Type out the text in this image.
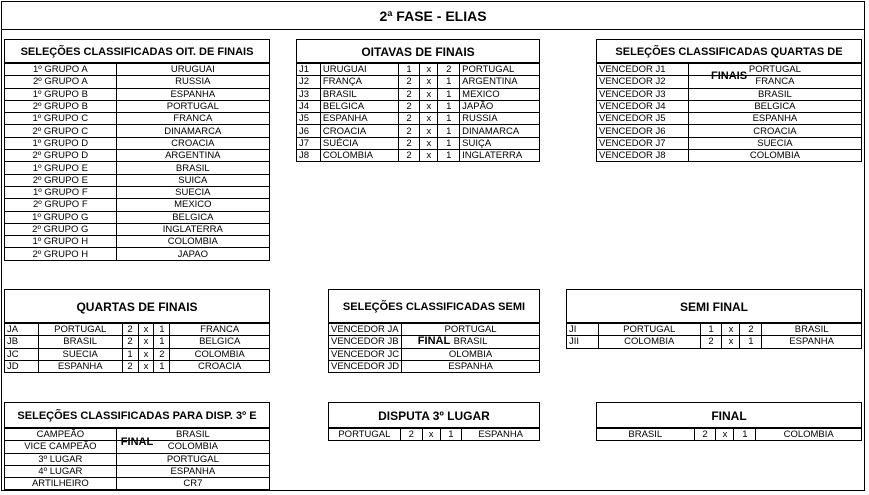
2ª FASE - ELIAS
SELEÇÕES CLASSIFICADAS OIT. DE FINAIS
1º GRUPO A	URUGUAI
2º GRUPO A	RUSSIA
1º GRUPO B	ESPANHA
2º GRUPO B	PORTUGAL
1º GRUPO C	FRANCA
2º GRUPO C	DINAMARCA
1º GRUPO D	CROACIA
2º GRUPO D	ARGENTINA
1º GRUPO E	BRASIL
2º GRUPO E	SUICA
1º GRUPO F	SUECIA
2º GRUPO F	MEXICO
1º GRUPO G	BELGICA
2º GRUPO G	INGLATERRA
1º GRUPO H	COLOMBIA
2º GRUPO H	JAPAO
OITAVAS DE FINAIS
J1	URUGUAI	1	x	2	PORTUGAL
J2	FRANÇA	2	x	1	ARGENTINA
J3	BRASIL	2	x	1	MEXICO
J4	BELGICA	2	x	1	JAPÃO
J5	ESPANHA	2	x	1	RUSSIA
J6	CROACIA	2	x	1	DINAMARCA
J7	SUÉCIA	2	x	1	SUIÇA
J8	COLOMBIA	2	x	1	INGLATERRA
SELEÇÕES CLASSIFICADAS QUARTAS DE FINAIS
VENCEDOR J1	PORTUGAL
VENCEDOR J2	FRANCA
VENCEDOR J3	BRASIL
VENCEDOR J4	BELGICA
VENCEDOR J5	ESPANHA
VENCEDOR J6	CROACIA
VENCEDOR J7	SUECIA
VENCEDOR J8	COLOMBIA
QUARTAS DE FINAIS
JA	PORTUGAL	2	x	1	FRANCA
JB	BRASIL	2	x	1	BELGICA
JC	SUECIA	1	x	2	COLOMBIA
JD	ESPANHA	2	x	1	CROACIA
SELEÇÕES CLASSIFICADAS SEMI FINAL
VENCEDOR JA	PORTUGAL
VENCEDOR JB	BRASIL
VENCEDOR JC	OLOMBIA
VENCEDOR JD	ESPANHA
SEMI FINAL
JI	PORTUGAL	1	x	2	BRASIL
JII	COLOMBIA	2	x	1	ESPANHA
SELEÇÕES CLASSIFICADAS PARA DISP. 3º E FINAL
CAMPEÃO	BRASIL
VICE CAMPEÃO	COLOMBIA
3º LUGAR	PORTUGAL
4º LUGAR	ESPANHA
ARTILHEIRO	CR7
DISPUTA 3º LUGAR
PORTUGAL	2	x	1	ESPANHA
FINAL
BRASIL	2	x	1	COLOMBIA
